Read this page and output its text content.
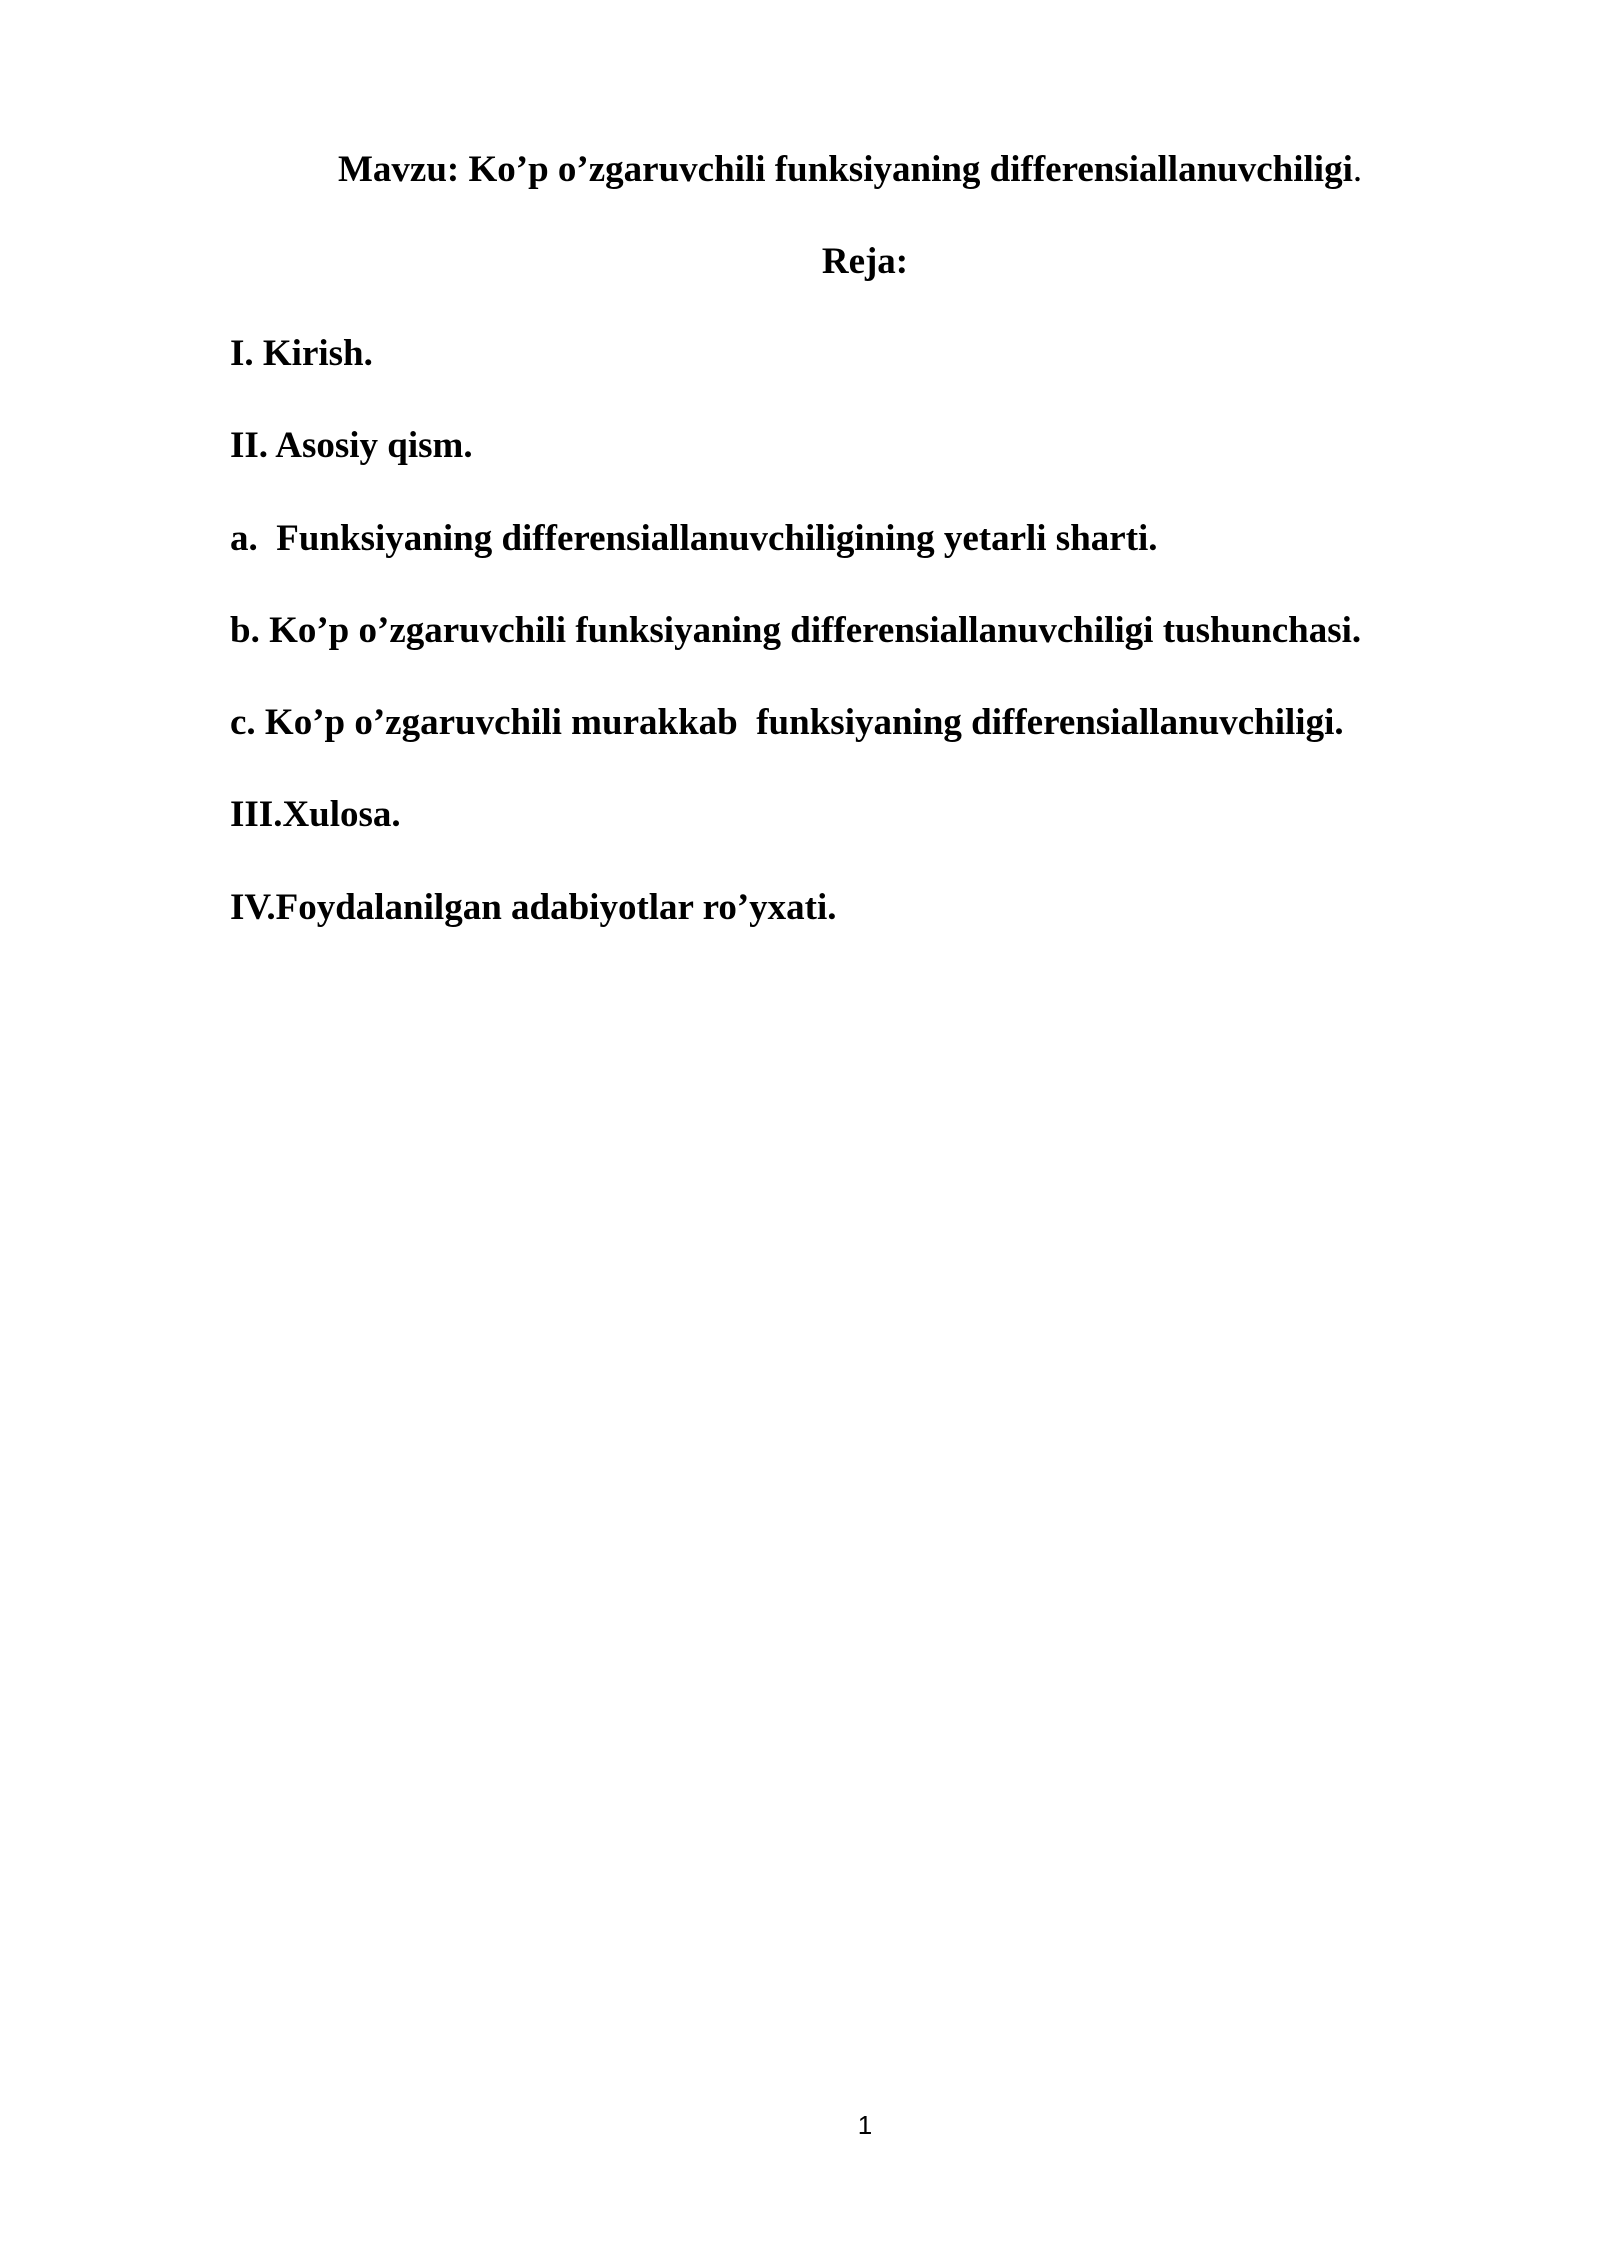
Mavzu: Ko’p o’zgaruvchili funksiyaning differensiallanuvchiligi.
Reja:
I. Kirish.
II. Asosiy qism.
a.  Funksiyaning differensiallanuvchiligining yetarli sharti.
b. Ko’p o’zgaruvchili funksiyaning differensiallanuvchiligi tushunchasi.
c. Ko’p o’zgaruvchili murakkab  funksiyaning differensiallanuvchiligi.
III.Xulosa.
IV.Foydalanilgan adabiyotlar ro’yxati.
1
